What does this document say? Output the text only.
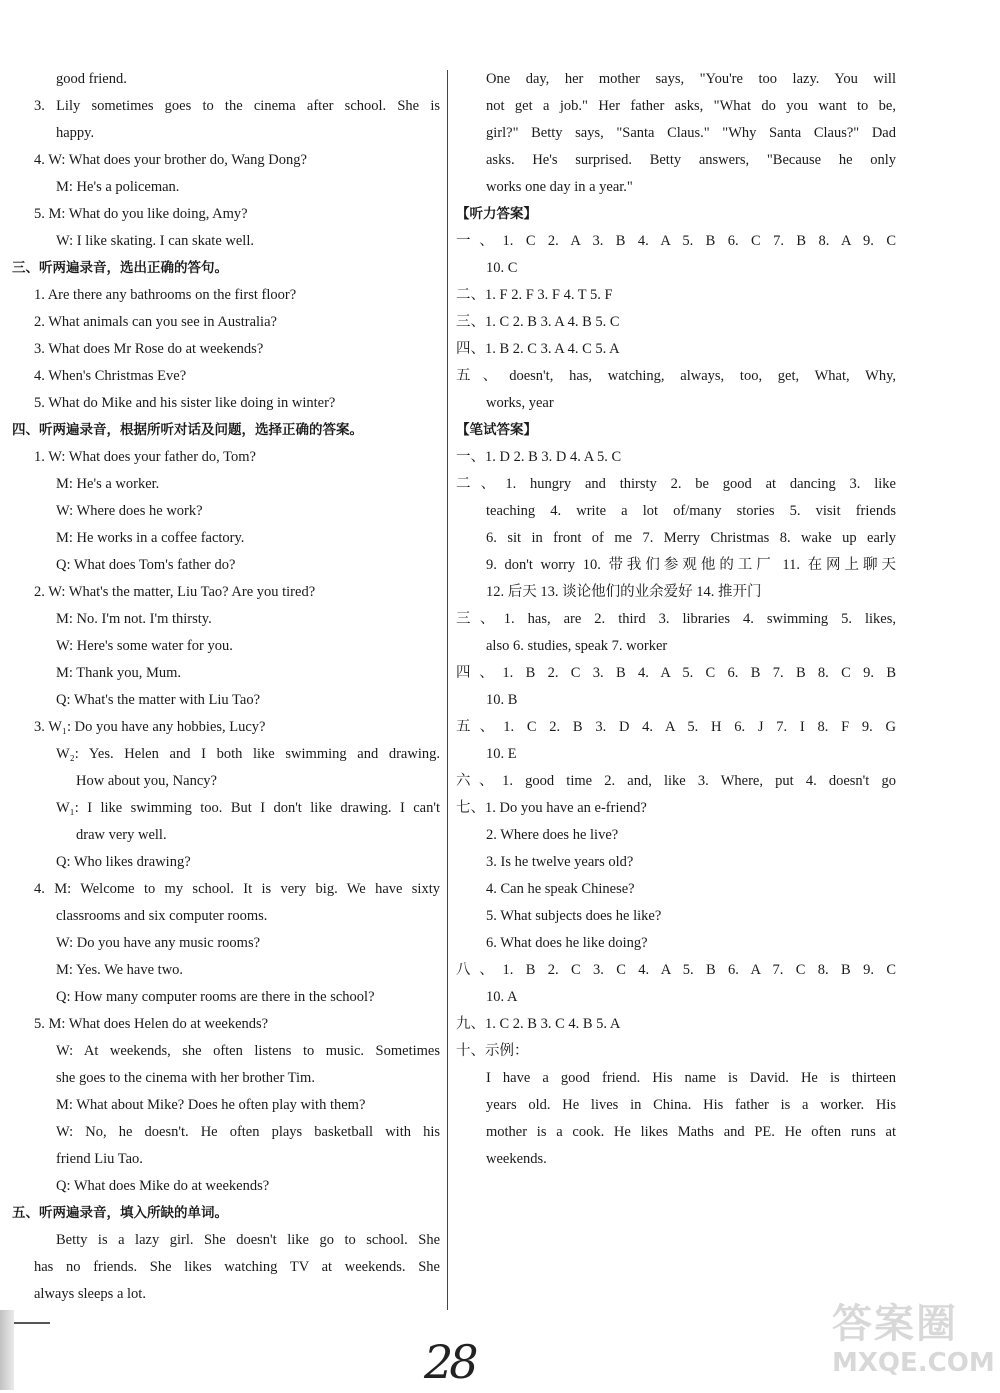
good friend.
3. Lily sometimes goes to the cinema after school. She is
happy.
4. W: What does your brother do, Wang Dong?
M: He's a policeman.
5. M: What do you like doing, Amy?
W: I like skating. I can skate well.
三、听两遍录音，选出正确的答句。
1. Are there any bathrooms on the first floor?
2. What animals can you see in Australia?
3. What does Mr Rose do at weekends?
4. When's Christmas Eve?
5. What do Mike and his sister like doing in winter?
四、听两遍录音，根据所听对话及问题，选择正确的答案。
1. W: What does your father do, Tom?
M: He's a worker.
W: Where does he work?
M: He works in a coffee factory.
Q: What does Tom's father do?
2. W: What's the matter, Liu Tao? Are you tired?
M: No. I'm not. I'm thirsty.
W: Here's some water for you.
M: Thank you, Mum.
Q: What's the matter with Liu Tao?
3. W₁: Do you have any hobbies, Lucy?
W₂: Yes. Helen and I both like swimming and drawing.
How about you, Nancy?
W₁: I like swimming too. But I don't like drawing. I can't
draw very well.
Q: Who likes drawing?
4. M: Welcome to my school. It is very big. We have sixty
classrooms and six computer rooms.
W: Do you have any music rooms?
M: Yes. We have two.
Q: How many computer rooms are there in the school?
5. M: What does Helen do at weekends?
W: At weekends, she often listens to music. Sometimes
she goes to the cinema with her brother Tim.
M: What about Mike? Does he often play with them?
W: No, he doesn't. He often plays basketball with his
friend Liu Tao.
Q: What does Mike do at weekends?
五、听两遍录音，填入所缺的单词。
Betty is a lazy girl. She doesn't like go to school. She
has no friends. She likes watching TV at weekends. She
always sleeps a lot.
One day, her mother says, "You're too lazy. You will
not get a job." Her father asks, "What do you want to be,
girl?" Betty says, "Santa Claus." "Why Santa Claus?" Dad
asks. He's surprised. Betty answers, "Because he only
works one day in a year."
【听力答案】
一、1. C 2. A 3. B 4. A 5. B 6. C 7. B 8. A 9. C
10. C
二、1. F 2. F 3. F 4. T 5. F
三、1. C 2. B 3. A 4. B 5. C
四、1. B 2. C 3. A 4. C 5. A
五、doesn't, has, watching, always, too, get, What, Why,
works, year
【笔试答案】
一、1. D 2. B 3. D 4. A 5. C
二、1. hungry and thirsty 2. be good at dancing 3. like
teaching 4. write a lot of/many stories 5. visit friends
6. sit in front of me 7. Merry Christmas 8. wake up early
9. don't worry 10. 带我们参观他的工厂 11. 在网上聊天
12. 后天 13. 谈论他们的业余爱好 14. 推开门
三、1. has, are 2. third 3. libraries 4. swimming 5. likes,
also 6. studies, speak 7. worker
四、1. B 2. C 3. B 4. A 5. C 6. B 7. B 8. C 9. B
10. B
五、1. C 2. B 3. D 4. A 5. H 6. J 7. I 8. F 9. G
10. E
六、1. good time 2. and, like 3. Where, put 4. doesn't go
七、1. Do you have an e-friend?
2. Where does he live?
3. Is he twelve years old?
4. Can he speak Chinese?
5. What subjects does he like?
6. What does he like doing?
八、1. B 2. C 3. C 4. A 5. B 6. A 7. C 8. B 9. C
10. A
九、1. C 2. B 3. C 4. B 5. A
十、示例：
I have a good friend. His name is David. He is thirteen
years old. He lives in China. His father is a worker. His
mother is a cook. He likes Maths and PE. He often runs at
weekends.
28
答案圈
MXQE.COM
